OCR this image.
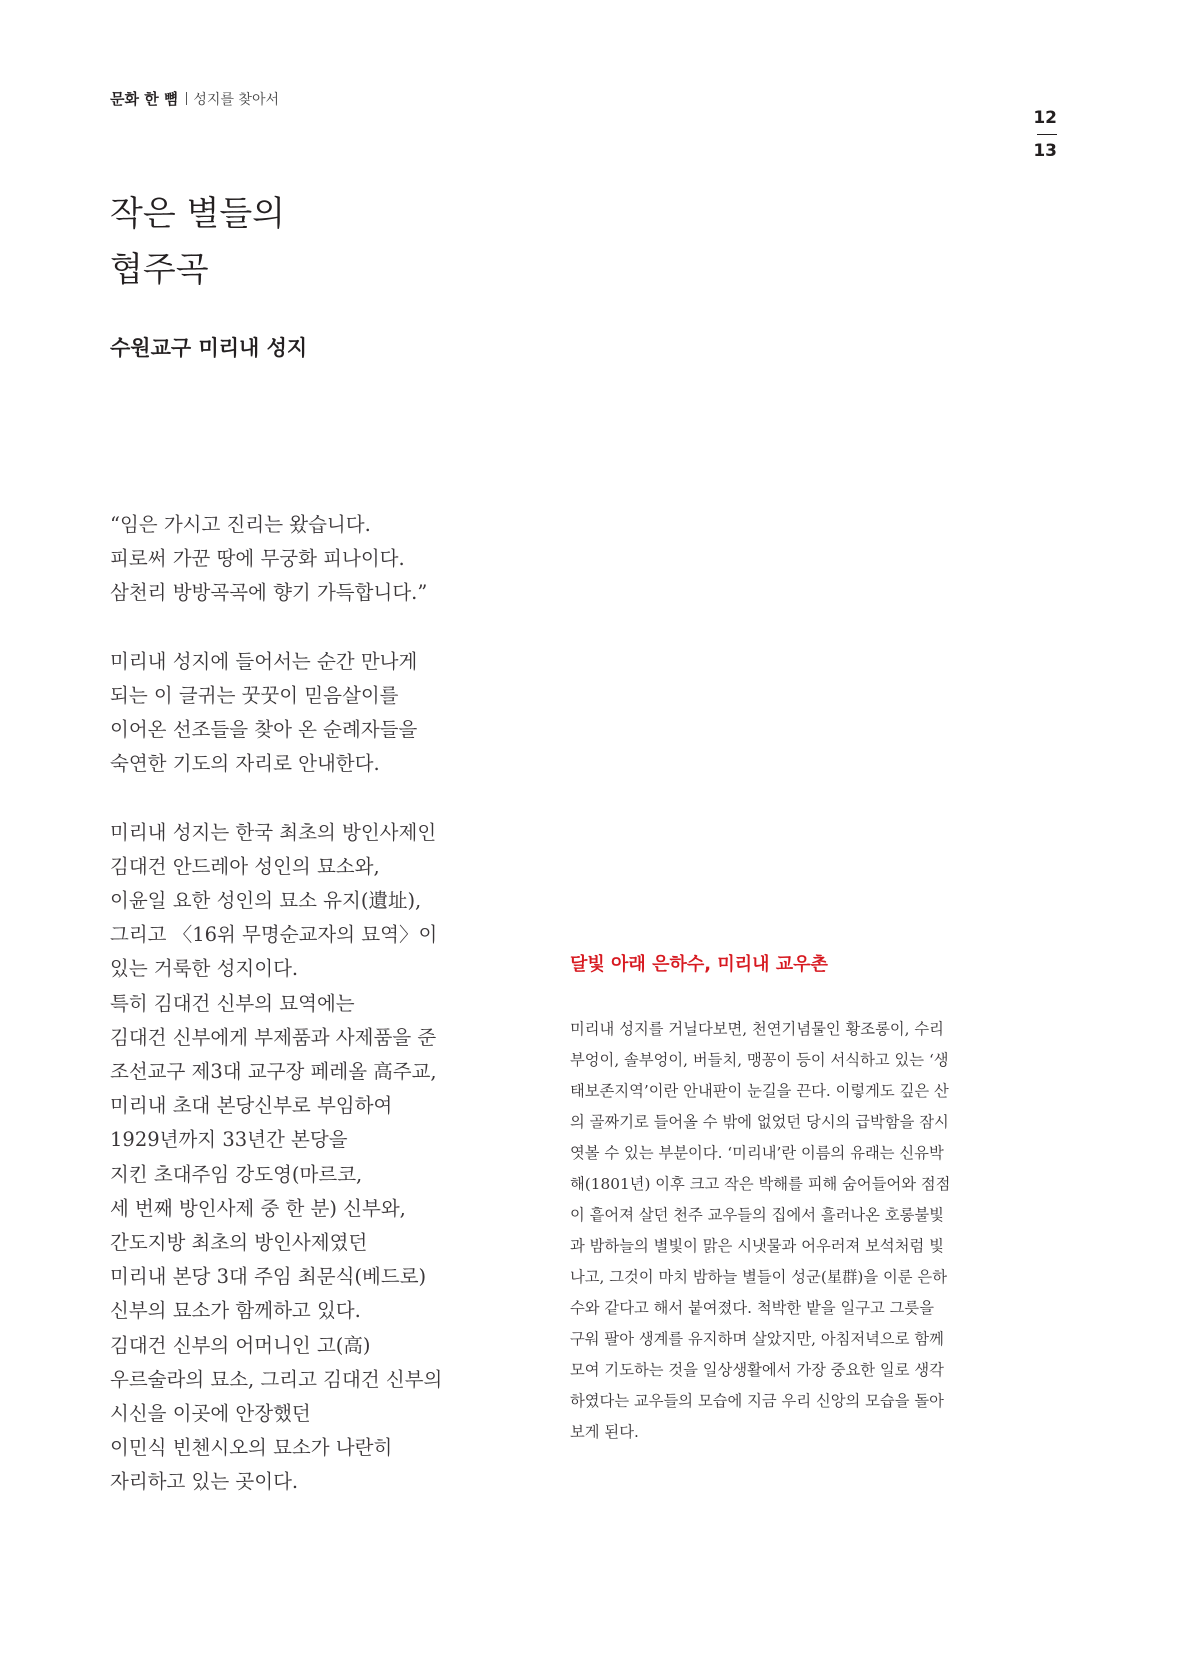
문화 한 뼘 성지를 찾아서
12
13
작은 별들의
협주곡
수원교구 미리내 성지
“임은 가시고 진리는 왔습니다.
피로써 가꾼 땅에 무궁화 피나이다.
삼천리 방방곡곡에 향기 가득합니다.”
미리내 성지에 들어서는 순간 만나게
되는 이 글귀는 꿋꿋이 믿음살이를
이어온 선조들을 찾아 온 순례자들을
숙연한 기도의 자리로 안내한다.
미리내 성지는 한국 최초의 방인사제인
김대건 안드레아 성인의 묘소와,
이윤일 요한 성인의 묘소 유지(遺址),
그리고 〈16위 무명순교자의 묘역〉이
있는 거룩한 성지이다.
특히 김대건 신부의 묘역에는
김대건 신부에게 부제품과 사제품을 준
조선교구 제3대 교구장 페레올 高주교,
미리내 초대 본당신부로 부임하여
1929년까지 33년간 본당을
지킨 초대주임 강도영(마르코,
세 번째 방인사제 중 한 분) 신부와,
간도지방 최초의 방인사제였던
미리내 본당 3대 주임 최문식(베드로)
신부의 묘소가 함께하고 있다.
김대건 신부의 어머니인 고(高)
우르술라의 묘소, 그리고 김대건 신부의
시신을 이곳에 안장했던
이민식 빈첸시오의 묘소가 나란히
자리하고 있는 곳이다.
달빛 아래 은하수, 미리내 교우촌
미리내 성지를 거닐다보면, 천연기념물인 황조롱이, 수리
부엉이, 솔부엉이, 버들치, 맹꽁이 등이 서식하고 있는 ‘생
태보존지역’이란 안내판이 눈길을 끈다. 이렇게도 깊은 산
의 골짜기로 들어올 수 밖에 없었던 당시의 급박함을 잠시
엿볼 수 있는 부분이다. ‘미리내’란 이름의 유래는 신유박
해(1801년) 이후 크고 작은 박해를 피해 숨어들어와 점점
이 흩어져 살던 천주 교우들의 집에서 흘러나온 호롱불빛
과 밤하늘의 별빛이 맑은 시냇물과 어우러져 보석처럼 빛
나고, 그것이 마치 밤하늘 별들이 성군(星群)을 이룬 은하
수와 같다고 해서 붙여졌다. 척박한 밭을 일구고 그릇을
구워 팔아 생계를 유지하며 살았지만, 아침저녁으로 함께
모여 기도하는 것을 일상생활에서 가장 중요한 일로 생각
하였다는 교우들의 모습에 지금 우리 신앙의 모습을 돌아
보게 된다.
